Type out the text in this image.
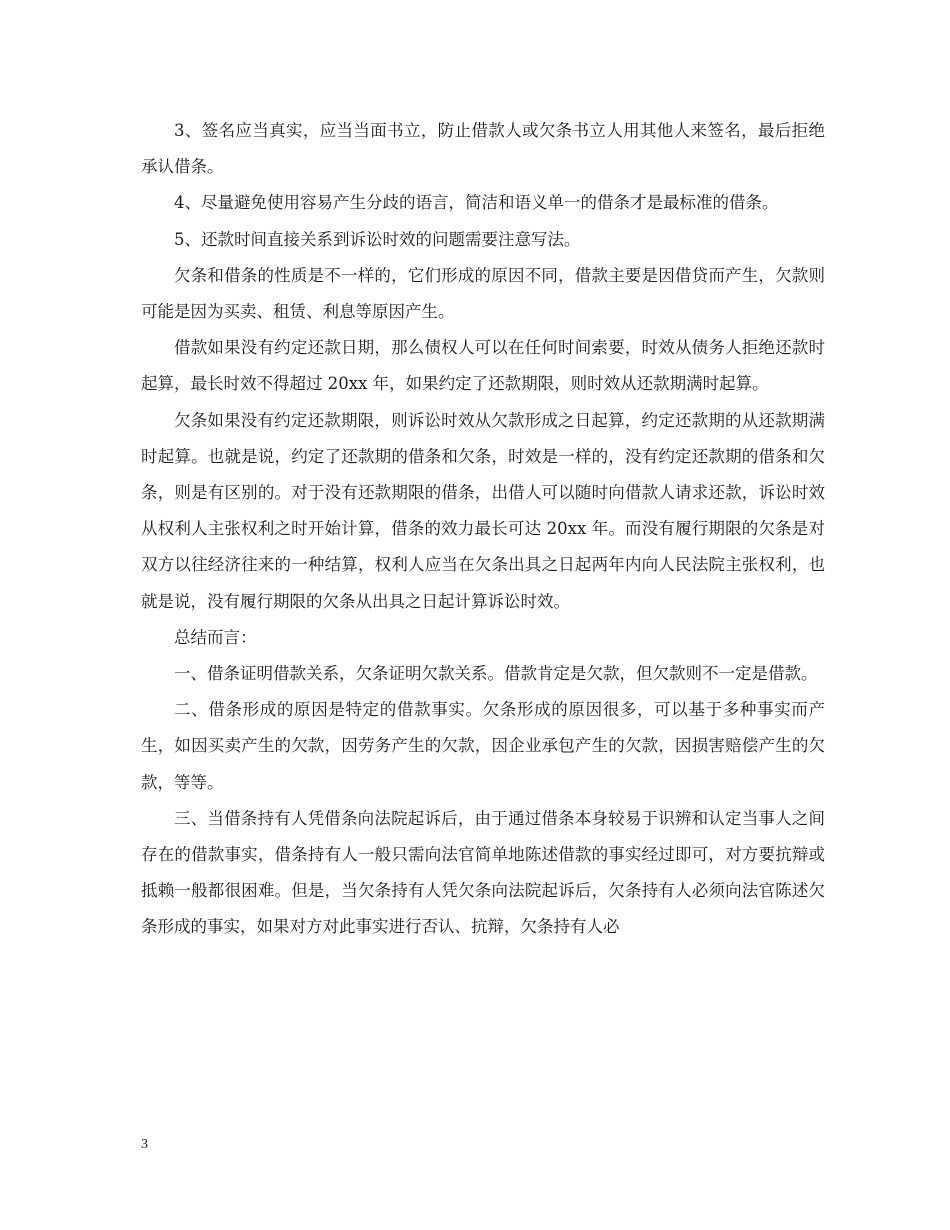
3、签名应当真实，应当当面书立，防止借款人或欠条书立人用其他人来签名，最后拒绝承认借条。

4、尽量避免使用容易产生分歧的语言，简洁和语义单一的借条才是最标准的借条。

5、还款时间直接关系到诉讼时效的问题需要注意写法。

欠条和借条的性质是不一样的，它们形成的原因不同，借款主要是因借贷而产生，欠款则可能是因为买卖、租赁、利息等原因产生。

借款如果没有约定还款日期，那么债权人可以在任何时间索要，时效从债务人拒绝还款时起算，最长时效不得超过 20xx 年，如果约定了还款期限，则时效从还款期满时起算。

欠条如果没有约定还款期限，则诉讼时效从欠款形成之日起算，约定还款期的从还款期满时起算。也就是说，约定了还款期的借条和欠条，时效是一样的，没有约定还款期的借条和欠条，则是有区别的。对于没有还款期限的借条，出借人可以随时向借款人请求还款，诉讼时效从权利人主张权利之时开始计算，借条的效力最长可达 20xx 年。而没有履行期限的欠条是对双方以往经济往来的一种结算，权利人应当在欠条出具之日起两年内向人民法院主张权利，也就是说，没有履行期限的欠条从出具之日起计算诉讼时效。

总结而言：

一、借条证明借款关系，欠条证明欠款关系。借款肯定是欠款，但欠款则不一定是借款。

二、借条形成的原因是特定的借款事实。欠条形成的原因很多，可以基于多种事实而产生，如因买卖产生的欠款，因劳务产生的欠款，因企业承包产生的欠款，因损害赔偿产生的欠款，等等。

三、当借条持有人凭借条向法院起诉后，由于通过借条本身较易于识辨和认定当事人之间存在的借款事实，借条持有人一般只需向法官简单地陈述借款的事实经过即可，对方要抗辩或抵赖一般都很困难。但是，当欠条持有人凭欠条向法院起诉后，欠条持有人必须向法官陈述欠条形成的事实，如果对方对此事实进行否认、抗辩，欠条持有人必

3
